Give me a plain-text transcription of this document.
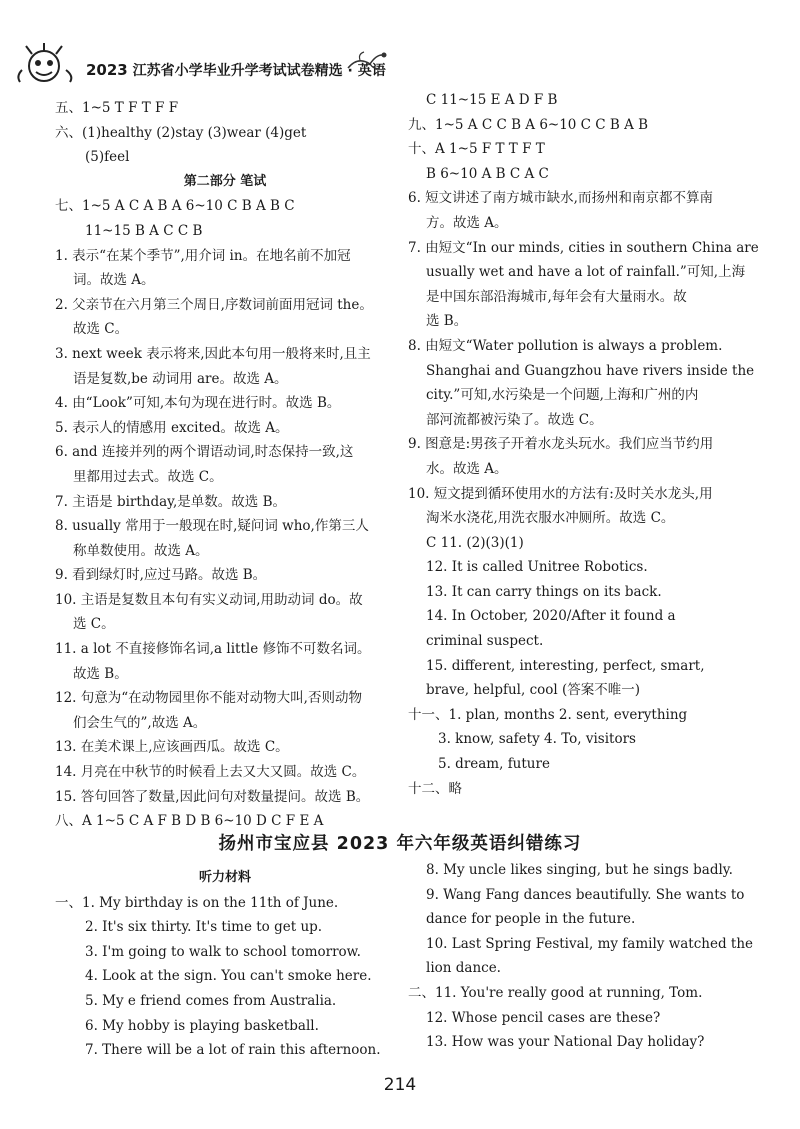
2023 江苏省小学毕业升学考试试卷精选 · 英语
五、1~5 T F T F F
六、(1)healthy (2)stay (3)wear (4)get
(5)feel
第二部分 笔试
七、1~5 A C A B A 6~10 C B A B C
11~15 B A C C B
1. 表示“在某个季节”,用介词 in。在地名前不加冠
词。故选 A。
2. 父亲节在六月第三个周日,序数词前面用冠词 the。
故选 C。
3. next week 表示将来,因此本句用一般将来时,且主
语是复数,be 动词用 are。故选 A。
4. 由“Look”可知,本句为现在进行时。故选 B。
5. 表示人的情感用 excited。故选 A。
6. and 连接并列的两个谓语动词,时态保持一致,这
里都用过去式。故选 C。
7. 主语是 birthday,是单数。故选 B。
8. usually 常用于一般现在时,疑问词 who,作第三人
称单数使用。故选 A。
9. 看到绿灯时,应过马路。故选 B。
10. 主语是复数且本句有实义动词,用助动词 do。故
选 C。
11. a lot 不直接修饰名词,a little 修饰不可数名词。
故选 B。
12. 句意为“在动物园里你不能对动物大叫,否则动物
们会生气的”,故选 A。
13. 在美术课上,应该画西瓜。故选 C。
14. 月亮在中秋节的时候看上去又大又圆。故选 C。
15. 答句回答了数量,因此问句对数量提问。故选 B。
八、A 1~5 C A F B D B 6~10 D C F E A
C 11~15 E A D F B
九、1~5 A C C B A 6~10 C C B A B
十、A 1~5 F T T F T
B 6~10 A B C A C
6. 短文讲述了南方城市缺水,而扬州和南京都不算南
方。故选 A。
7. 由短文“In our minds, cities in southern China are
usually wet and have a lot of rainfall.”可知,上海
是中国东部沿海城市,每年会有大量雨水。故
选 B。
8. 由短文“Water pollution is always a problem.
Shanghai and Guangzhou have rivers inside the
city.”可知,水污染是一个问题,上海和广州的内
部河流都被污染了。故选 C。
9. 图意是:男孩子开着水龙头玩水。我们应当节约用
水。故选 A。
10. 短文提到循环使用水的方法有:及时关水龙头,用
淘米水浇花,用洗衣服水冲厕所。故选 C。
C 11. (2)(3)(1)
12. It is called Unitree Robotics.
13. It can carry things on its back.
14. In October, 2020/After it found a
criminal suspect.
15. different, interesting, perfect, smart,
brave, helpful, cool (答案不唯一)
十一、1. plan, months 2. sent, everything
3. know, safety 4. To, visitors
5. dream, future
十二、略
扬州市宝应县 2023 年六年级英语纠错练习
听力材料
一、1. My birthday is on the 11th of June.
2. It's six thirty. It's time to get up.
3. I'm going to walk to school tomorrow.
4. Look at the sign. You can't smoke here.
5. My e friend comes from Australia.
6. My hobby is playing basketball.
7. There will be a lot of rain this afternoon.
8. My uncle likes singing, but he sings badly.
9. Wang Fang dances beautifully. She wants to
dance for people in the future.
10. Last Spring Festival, my family watched the
lion dance.
二、11. You're really good at running, Tom.
12. Whose pencil cases are these?
13. How was your National Day holiday?
214
